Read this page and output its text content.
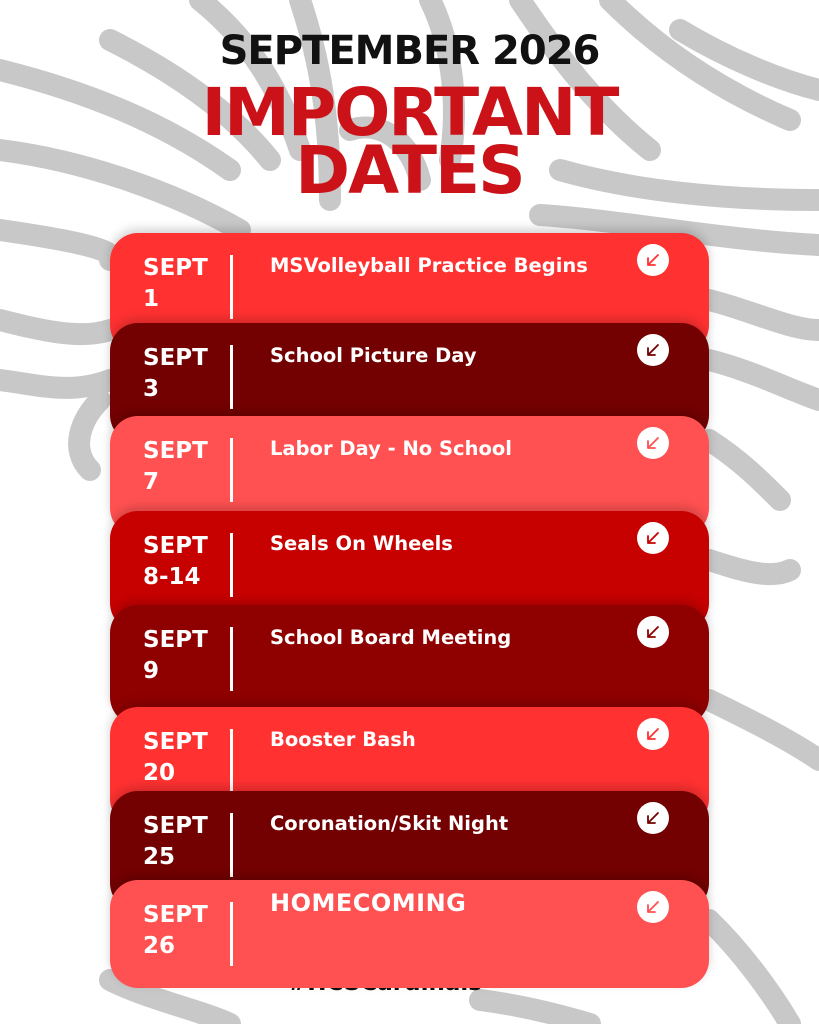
SEPTEMBER 2026
IMPORTANT
DATES
SEPT
1
MSVolleyball Practice Begins
SEPT
3
School Picture Day
SEPT
7
Labor Day - No School
SEPT
8-14
Seals On Wheels
SEPT
9
School Board Meeting
SEPT
20
Booster Bash
SEPT
25
Coronation/Skit Night
SEPT
26
HOMECOMING
